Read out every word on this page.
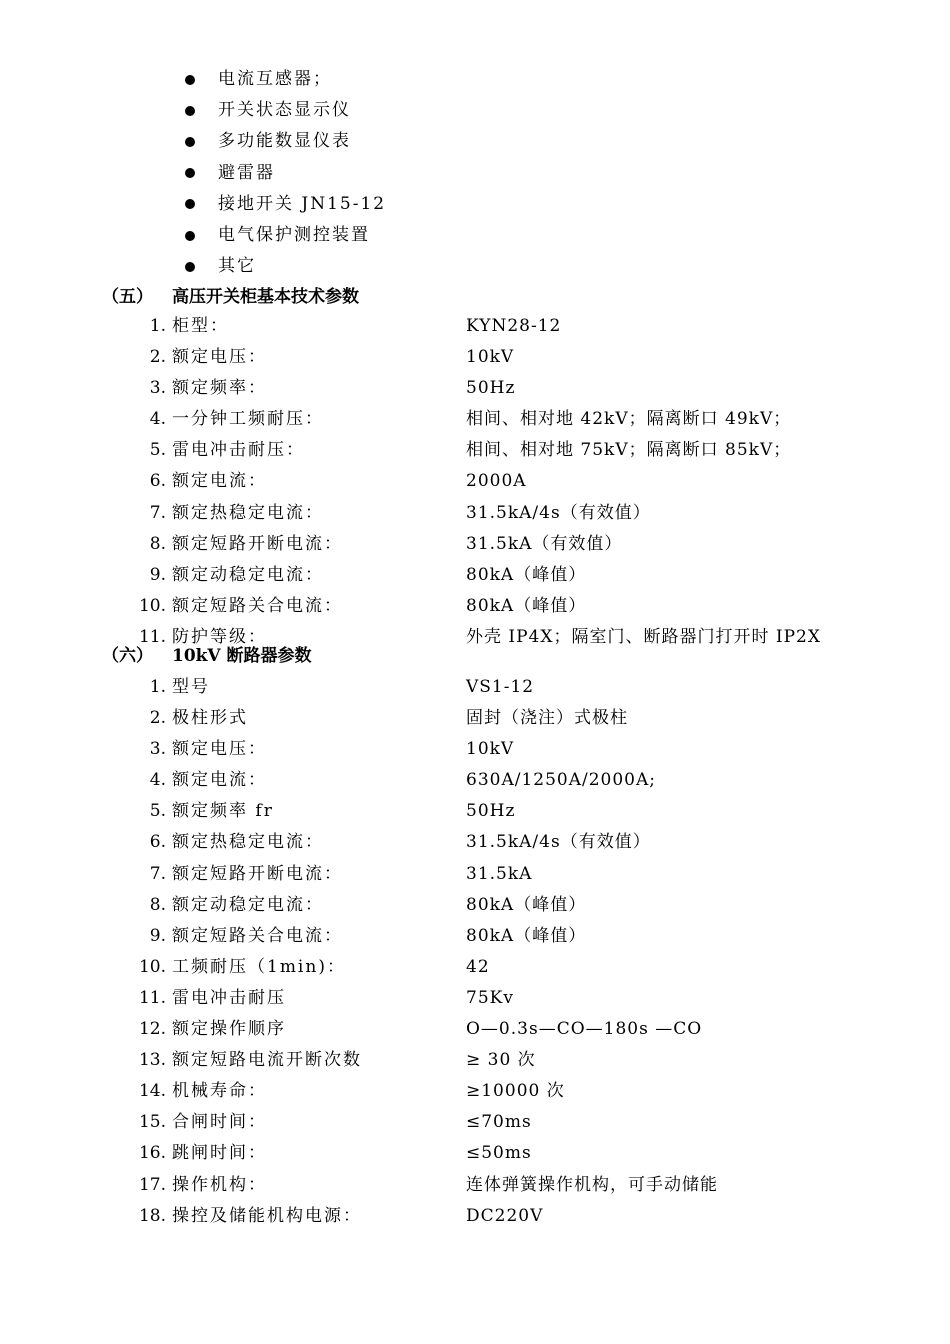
电流互感器；
开关状态显示仪
多功能数显仪表
避雷器
接地开关 JN15-12
电气保护测控装置
其它
（五） 高压开关柜基本技术参数
1. 柜型：	KYN28-12
2. 额定电压：	10kV
3. 额定频率：	50Hz
4. 一分钟工频耐压：	相间、相对地 42kV；隔离断口 49kV；
5. 雷电冲击耐压：	相间、相对地 75kV；隔离断口 85kV；
6. 额定电流：	2000A
7. 额定热稳定电流：	31.5kA/4s（有效值）
8. 额定短路开断电流：	31.5kA（有效值）
9. 额定动稳定电流：	80kA（峰值）
10. 额定短路关合电流：	80kA（峰值）
11. 防护等级：	外壳 IP4X；隔室门、断路器门打开时 IP2X
（六） 10kV 断路器参数
1. 型号	VS1-12
2. 极柱形式	固封（浇注）式极柱
3. 额定电压：	10kV
4. 额定电流：	630A/1250A/2000A;
5. 额定频率 fr	50Hz
6. 额定热稳定电流：	31.5kA/4s（有效值）
7. 额定短路开断电流：	31.5kA
8. 额定动稳定电流：	80kA（峰值）
9. 额定短路关合电流：	80kA（峰值）
10. 工频耐压（1min)：	42
11. 雷电冲击耐压	75Kv
12. 额定操作顺序	O—0.3s—CO—180s —CO
13. 额定短路电流开断次数	≥ 30 次
14. 机械寿命：	≥10000 次
15. 合闸时间：	≤70ms
16. 跳闸时间：	≤50ms
17. 操作机构：	连体弹簧操作机构，可手动储能
18. 操控及储能机构电源：	DC220V
